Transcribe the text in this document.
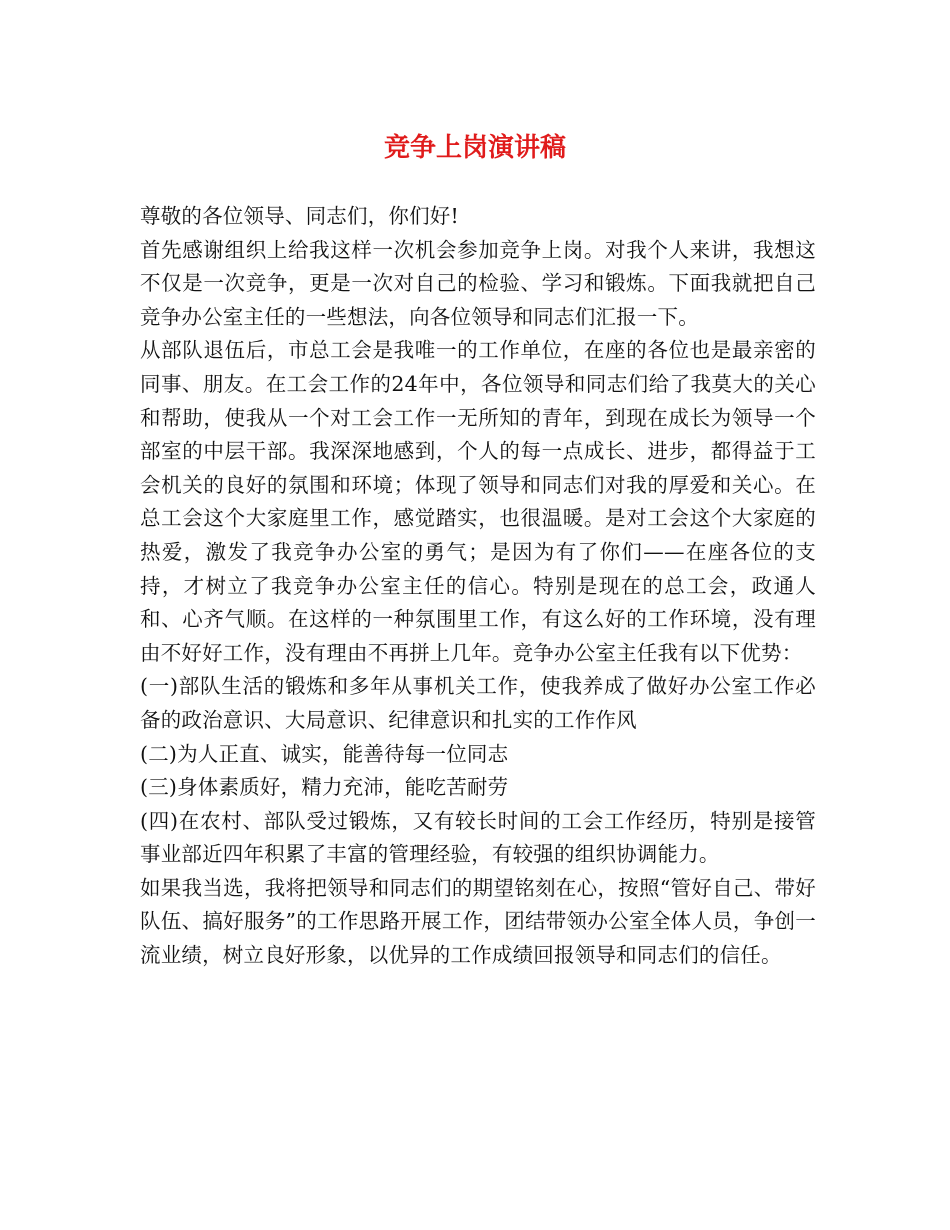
竞争上岗演讲稿

尊敬的各位领导、同志们，你们好!

首先感谢组织上给我这样一次机会参加竞争上岗。对我个人来讲，我想这不仅是一次竞争，更是一次对自己的检验、学习和锻炼。下面我就把自己竞争办公室主任的一些想法，向各位领导和同志们汇报一下。

从部队退伍后，市总工会是我唯一的工作单位，在座的各位也是最亲密的同事、朋友。在工会工作的24年中，各位领导和同志们给了我莫大的关心和帮助，使我从一个对工会工作一无所知的青年，到现在成长为领导一个部室的中层干部。我深深地感到，个人的每一点成长、进步，都得益于工会机关的良好的氛围和环境；体现了领导和同志们对我的厚爱和关心。在总工会这个大家庭里工作，感觉踏实，也很温暖。是对工会这个大家庭的热爱，激发了我竞争办公室的勇气；是因为有了你们——在座各位的支持，才树立了我竞争办公室主任的信心。特别是现在的总工会，政通人和、心齐气顺。在这样的一种氛围里工作，有这么好的工作环境，没有理由不好好工作，没有理由不再拼上几年。竞争办公室主任我有以下优势：

(一)部队生活的锻炼和多年从事机关工作，使我养成了做好办公室工作必备的政治意识、大局意识、纪律意识和扎实的工作作风

(二)为人正直、诚实，能善待每一位同志

(三)身体素质好，精力充沛，能吃苦耐劳

(四)在农村、部队受过锻炼，又有较长时间的工会工作经历，特别是接管事业部近四年积累了丰富的管理经验，有较强的组织协调能力。

如果我当选，我将把领导和同志们的期望铭刻在心，按照“管好自己、带好队伍、搞好服务”的工作思路开展工作，团结带领办公室全体人员，争创一流业绩，树立良好形象，以优异的工作成绩回报领导和同志们的信任。
